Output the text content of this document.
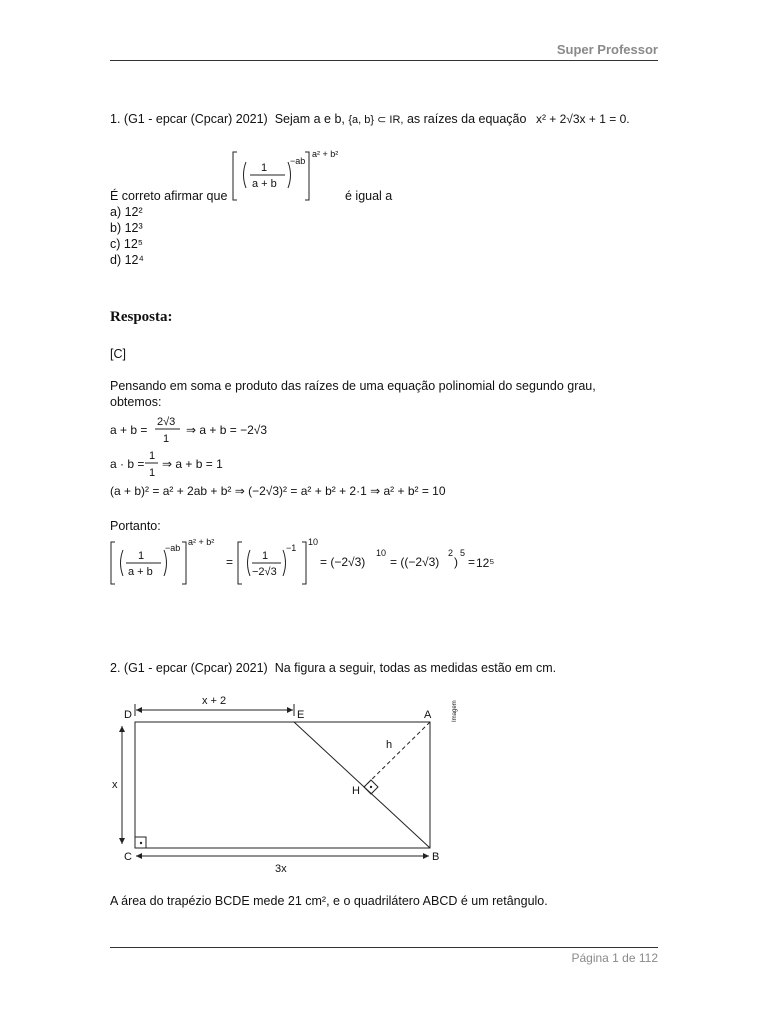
Super Professor
1. (G1 - epcar (Cpcar) 2021) Sejam a e b, {a, b} ⊂ IR, as raízes da equação x² + 2√3x + 1 = 0.
É correto afirmar que
1
a + b
−ab
a² + b²
é igual a
a) 12²
b) 12³
c) 12⁵
d) 12⁴
Resposta:
[C]
Pensando em soma e produto das raízes de uma equação polinomial do segundo grau,
obtemos:
a + b =
2√3
1
⇒ a + b = −2√3
a · b =
1
1
⇒ a + b = 1
(a + b)² = a² + 2ab + b² ⇒ (−2√3)² = a² + b² + 2·1 ⇒ a² + b² = 10
Portanto:
1
a + b
−ab
a² + b²
=	1
−2√3
−1
10
= (−2√3)
10
= ((−2√3)
2
)
5
= 12⁵
2. (G1 - epcar (Cpcar) 2021) Na figura a seguir, todas as medidas estão em cm.
Imagem
D	E	A
B
C
H
h
x + 2
x
3x
A área do trapézio BCDE mede 21 cm², e o quadrilátero ABCD é um retângulo.
Página 1 de 112
